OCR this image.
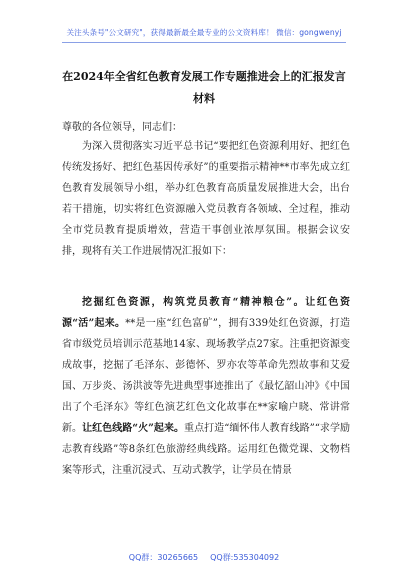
关注头条号"公文研究"，获得最新最全最专业的公文资料库！ 微信：gongwenyj
在2024年全省红色教育发展工作专题推进会上的汇报发言
材料
尊敬的各位领导，同志们：

为深入贯彻落实习近平总书记“要把红色资源利用好、把红色传统发扬好、把红色基因传承好”的重要指示精神**市率先成立红色教育发展领导小组，举办红色教育高质量发展推进大会，出台若干措施，切实将红色资源融入党员教育各领域、全过程，推动全市党员教育提质增效，营造干事创业浓厚氛围。根据会议安排，现将有关工作进展情况汇报如下：

挖掘红色资源，构筑党员教育“精神粮仓”。让红色资源“活”起来。**是一座“红色富矿”，拥有339处红色资源，打造省市级党员培训示范基地14家、现场教学点27家。注重把资源变成故事，挖掘了毛泽东、彭德怀、罗亦农等革命先烈故事和艾爱国、万步炎、汤洪波等先进典型事迹推出了《最忆韶山冲》《中国出了个毛泽东》等红色演艺红色文化故事在**家喻户晓、常讲常新。让红色线路“火”起来。重点打造“缅怀伟人教育线路”“求学励志教育线路”等8条红色旅游经典线路。运用红色微党课、文物档案等形式，注重沉浸式、互动式教学，让学员在情景

QQ群：30265665 QQ群:535304092
